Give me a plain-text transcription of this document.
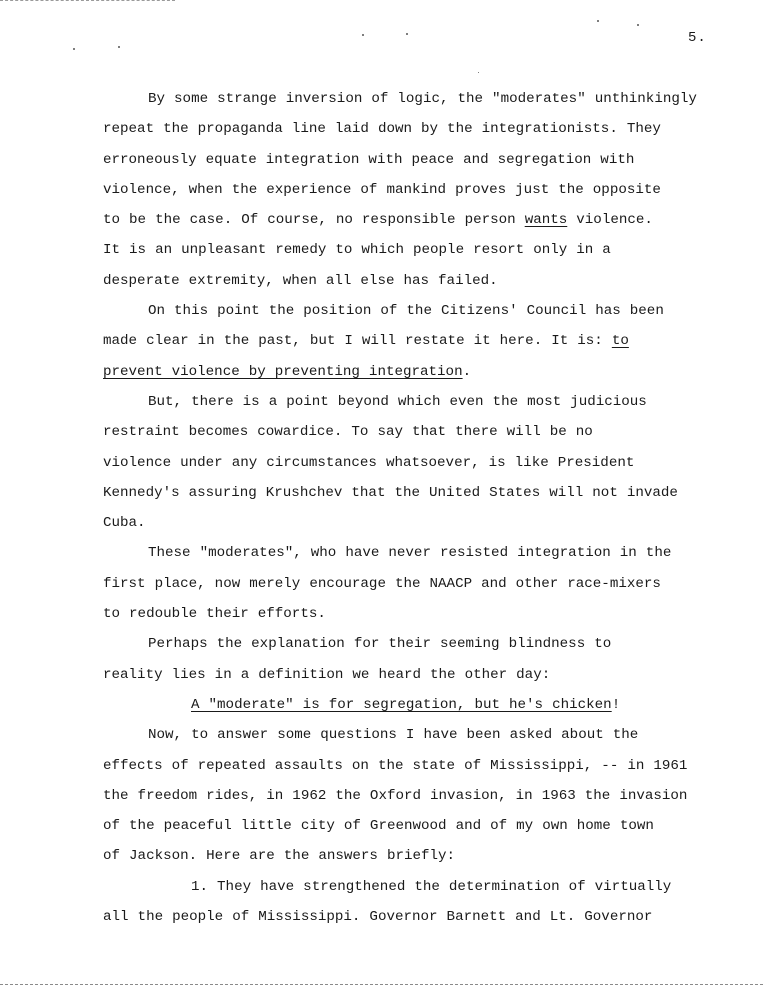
5.
By some strange inversion of logic, the "moderates" unthinkingly
repeat the propaganda line laid down by the integrationists. They
erroneously equate integration with peace and segregation with
violence, when the experience of mankind proves just the opposite
to be the case. Of course, no responsible person wants violence.
It is an unpleasant remedy to which people resort only in a
desperate extremity, when all else has failed.
On this point the position of the Citizens' Council has been
made clear in the past, but I will restate it here. It is: to
prevent violence by preventing integration.
But, there is a point beyond which even the most judicious
restraint becomes cowardice. To say that there will be no
violence under any circumstances whatsoever, is like President
Kennedy's assuring Krushchev that the United States will not invade
Cuba.
These "moderates", who have never resisted integration in the
first place, now merely encourage the NAACP and other race-mixers
to redouble their efforts.
Perhaps the explanation for their seeming blindness to
reality lies in a definition we heard the other day:
A "moderate" is for segregation, but he's chicken!
Now, to answer some questions I have been asked about the
effects of repeated assaults on the state of Mississippi, -- in 1961
the freedom rides, in 1962 the Oxford invasion, in 1963 the invasion
of the peaceful little city of Greenwood and of my own home town
of Jackson. Here are the answers briefly:
1. They have strengthened the determination of virtually
all the people of Mississippi. Governor Barnett and Lt. Governor
